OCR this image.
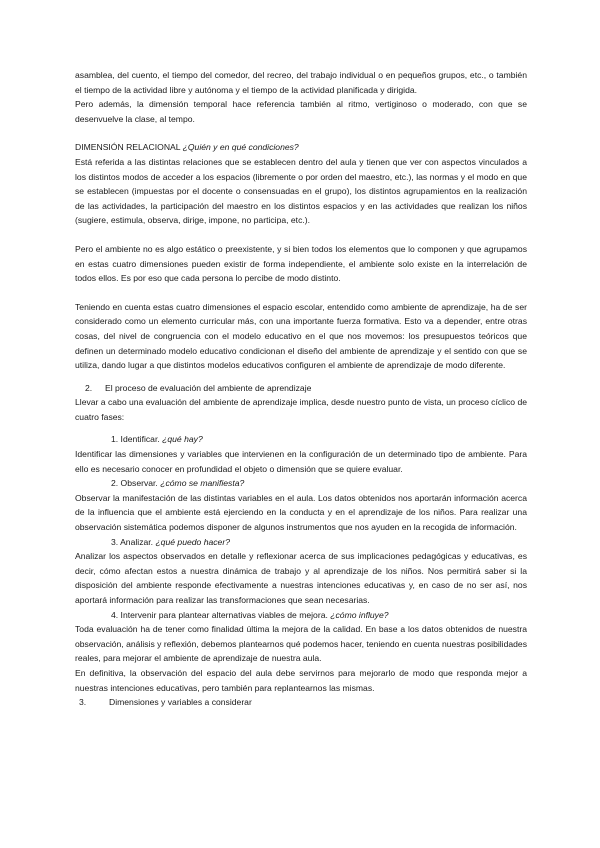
asamblea, del cuento, el tiempo del comedor, del recreo, del trabajo individual o en pequeños grupos, etc., o también el tiempo de la actividad libre y autónoma y el tiempo de la actividad planificada y dirigida.

Pero además, la dimensión temporal hace referencia también al ritmo, vertiginoso o moderado, con que se desenvuelve la clase, al tempo.

DIMENSIÓN RELACIONAL ¿Quién y en qué condiciones?

Está referida a las distintas relaciones que se establecen dentro del aula y tienen que ver con aspectos vinculados a los distintos modos de acceder a los espacios (libremente o por orden del maestro, etc.), las normas y el modo en que se establecen (impuestas por el docente o consensuadas en el grupo), los distintos agrupamientos en la realización de las actividades, la participación del maestro en los distintos espacios y en las actividades que realizan los niños (sugiere, estimula, observa, dirige, impone, no participa, etc.).

Pero el ambiente no es algo estático o preexistente, y si bien todos los elementos que lo componen y que agrupamos en estas cuatro dimensiones pueden existir de forma independiente, el ambiente solo existe en la interrelación de todos ellos. Es por eso que cada persona lo percibe de modo distinto.

Teniendo en cuenta estas cuatro dimensiones el espacio escolar, entendido como ambiente de aprendizaje, ha de ser considerado como un elemento curricular más, con una importante fuerza formativa. Esto va a depender, entre otras cosas, del nivel de congruencia con el modelo educativo en el que nos movemos: los presupuestos teóricos que definen un determinado modelo educativo condicionan el diseño del ambiente de aprendizaje y el sentido con que se utiliza, dando lugar a que distintos modelos educativos configuren el ambiente de aprendizaje de modo diferente.

2.	El proceso de evaluación del ambiente de aprendizaje

Llevar a cabo una evaluación del ambiente de aprendizaje implica, desde nuestro punto de vista, un proceso cíclico de cuatro fases:

1. Identificar. ¿qué hay?

Identificar las dimensiones y variables que intervienen en la configuración de un determinado tipo de ambiente. Para ello es necesario conocer en profundidad el objeto o dimensión que se quiere evaluar.

2. Observar. ¿cómo se manifiesta?

Observar la manifestación de las distintas variables en el aula. Los datos obtenidos nos aportarán información acerca de la influencia que el ambiente está ejerciendo en la conducta y en el aprendizaje de los niños. Para realizar una observación sistemática podemos disponer de algunos instrumentos que nos ayuden en la recogida de información.

3. Analizar. ¿qué puedo hacer?

Analizar los aspectos observados en detalle y reflexionar acerca de sus implicaciones pedagógicas y educativas, es decir, cómo afectan estos a nuestra dinámica de trabajo y al aprendizaje de los niños. Nos permitirá saber si la disposición del ambiente responde efectivamente a nuestras intenciones educativas y, en caso de no ser así, nos aportará información para realizar las transformaciones que sean necesarias.

4. Intervenir para plantear alternativas viables de mejora. ¿cómo influye?

Toda evaluación ha de tener como finalidad última la mejora de la calidad. En base a los datos obtenidos de nuestra observación, análisis y reflexión, debemos plantearnos qué podemos hacer, teniendo en cuenta nuestras posibilidades reales, para mejorar el ambiente de aprendizaje de nuestra aula.

En definitiva, la observación del espacio del aula debe servirnos para mejorarlo de modo que responda mejor a nuestras intenciones educativas, pero también para replantearnos las mismas.

3.	Dimensiones y variables a considerar
